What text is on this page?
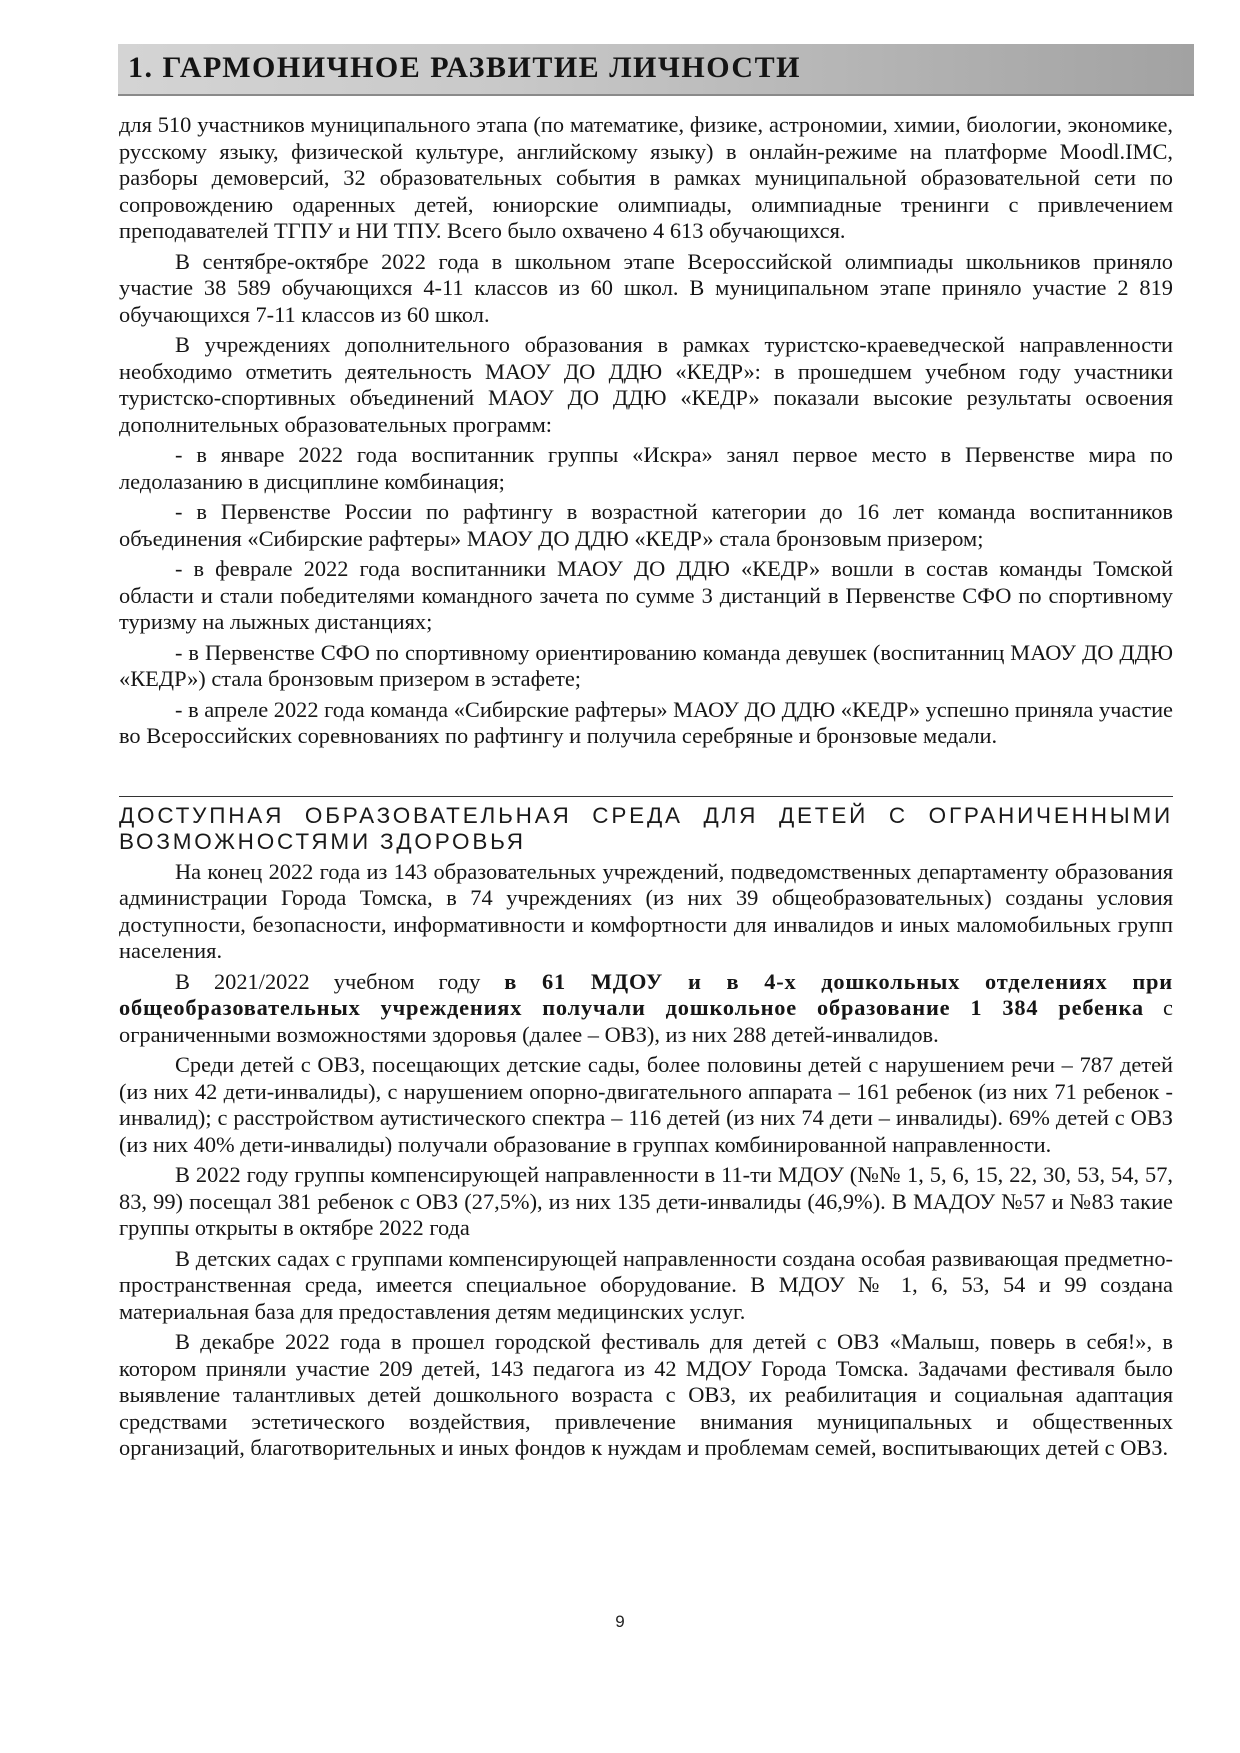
1. ГАРМОНИЧНОЕ РАЗВИТИЕ ЛИЧНОСТИ

для 510 участников муниципального этапа (по математике, физике, астрономии, химии, биологии, экономике, русскому языку, физической культуре, английскому языку) в онлайн-режиме на платформе Moodl.IMC, разборы демоверсий, 32 образовательных события в рамках муниципальной образовательной сети по сопровождению одаренных детей, юниорские олимпиады, олимпиадные тренинги с привлечением преподавателей ТГПУ и НИ ТПУ. Всего было охвачено 4 613 обучающихся.

В сентябре-октябре 2022 года в школьном этапе Всероссийской олимпиады школьников приняло участие 38 589 обучающихся 4-11 классов из 60 школ. В муниципальном этапе приняло участие 2 819 обучающихся 7-11 классов из 60 школ.

В учреждениях дополнительного образования в рамках туристско-краеведческой направленности необходимо отметить деятельность МАОУ ДО ДДЮ «КЕДР»: в прошедшем учебном году участники туристско-спортивных объединений МАОУ ДО ДДЮ «КЕДР» показали высокие результаты освоения дополнительных образовательных программ:

- в январе 2022 года воспитанник группы «Искра» занял первое место в Первенстве мира по ледолазанию в дисциплине комбинация;

- в Первенстве России по рафтингу в возрастной категории до 16 лет команда воспитанников объединения «Сибирские рафтеры» МАОУ ДО ДДЮ «КЕДР» стала бронзовым призером;

- в феврале 2022 года воспитанники МАОУ ДО ДДЮ «КЕДР» вошли в состав команды Томской области и стали победителями командного зачета по сумме 3 дистанций в Первенстве СФО по спортивному туризму на лыжных дистанциях;

- в Первенстве СФО по спортивному ориентированию команда девушек (воспитанниц МАОУ ДО ДДЮ «КЕДР») стала бронзовым призером в эстафете;

- в апреле 2022 года команда «Сибирские рафтеры» МАОУ ДО ДДЮ «КЕДР» успешно приняла участие во Всероссийских соревнованиях по рафтингу и получила серебряные и бронзовые медали.

ДОСТУПНАЯ ОБРАЗОВАТЕЛЬНАЯ СРЕДА ДЛЯ ДЕТЕЙ С ОГРАНИЧЕННЫМИ ВОЗМОЖНОСТЯМИ ЗДОРОВЬЯ

На конец 2022 года из 143 образовательных учреждений, подведомственных департаменту образования администрации Города Томска, в 74 учреждениях (из них 39 общеобразовательных) созданы условия доступности, безопасности, информативности и комфортности для инвалидов и иных маломобильных групп населения.

В 2021/2022 учебном году в 61 МДОУ и в 4-х дошкольных отделениях при общеобразовательных учреждениях получали дошкольное образование 1 384 ребенка с ограниченными возможностями здоровья (далее – ОВЗ), из них 288 детей-инвалидов.

Среди детей с ОВЗ, посещающих детские сады, более половины детей с нарушением речи – 787 детей (из них 42 дети-инвалиды), с нарушением опорно-двигательного аппарата – 161 ребенок (из них 71 ребенок - инвалид); с расстройством аутистического спектра – 116 детей (из них 74 дети – инвалиды). 69% детей с ОВЗ (из них 40% дети-инвалиды) получали образование в группах комбинированной направленности.

В 2022 году группы компенсирующей направленности в 11-ти МДОУ (№№ 1, 5, 6, 15, 22, 30, 53, 54, 57, 83, 99) посещал 381 ребенок с ОВЗ (27,5%), из них 135 дети-инвалиды (46,9%). В МАДОУ №57 и №83 такие группы открыты в октябре 2022 года

В детских садах с группами компенсирующей направленности создана особая развивающая предметно-пространственная среда, имеется специальное оборудование. В МДОУ № 1, 6, 53, 54 и 99 создана материальная база для предоставления детям медицинских услуг.

В декабре 2022 года в прошел городской фестиваль для детей с ОВЗ «Малыш, поверь в себя!», в котором приняли участие 209 детей, 143 педагога из 42 МДОУ Города Томска. Задачами фестиваля было выявление талантливых детей дошкольного возраста с ОВЗ, их реабилитация и социальная адаптация средствами эстетического воздействия, привлечение внимания муниципальных и общественных организаций, благотворительных и иных фондов к нуждам и проблемам семей, воспитывающих детей с ОВЗ.

9
